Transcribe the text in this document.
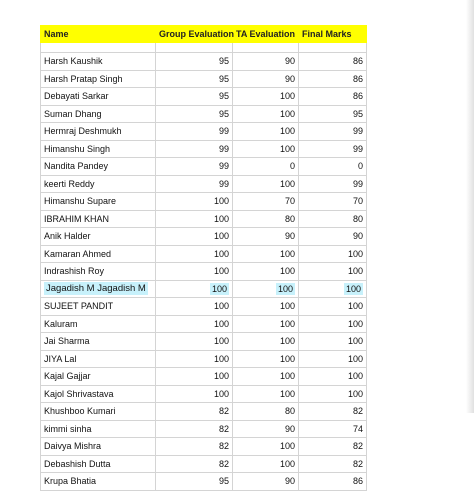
Name	Group Evaluation	TA Evaluation	Final Marks

Harsh Kaushik	95	90	86
Harsh Pratap Singh	95	90	86
Debayati Sarkar	95	100	86
Suman Dhang	95	100	95
Hermraj Deshmukh	99	100	99
Himanshu Singh	99	100	99
Nandita Pandey	99	0	0
keerti Reddy	99	100	99
Himanshu Supare	100	70	70
IBRAHIM KHAN	100	80	80
Anik Halder	100	90	90
Kamaran Ahmed	100	100	100
Indrashish Roy	100	100	100
Jagadish M Jagadish M	100	100	100
SUJEET PANDIT	100	100	100
Kaluram	100	100	100
Jai Sharma	100	100	100
JIYA Lal	100	100	100
Kajal Gajjar	100	100	100
Kajol Shrivastava	100	100	100
Khushboo Kumari	82	80	82
kimmi sinha	82	90	74
Daivya Mishra	82	100	82
Debashish Dutta	82	100	82
Krupa Bhatia	95	90	86
